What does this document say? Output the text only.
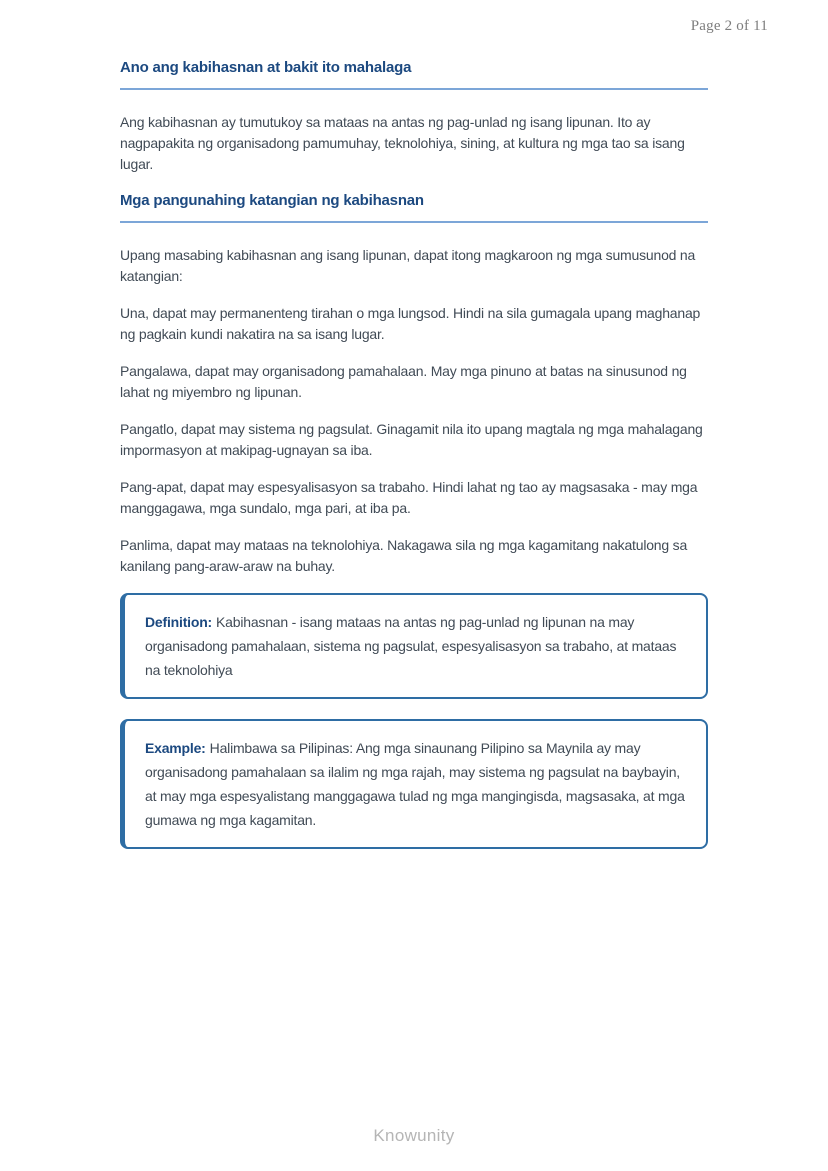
Page 2 of 11
Ano ang kabihasnan at bakit ito mahalaga

Ang kabihasnan ay tumutukoy sa mataas na antas ng pag-unlad ng isang lipunan. Ito ay nagpapakita ng organisadong pamumuhay, teknolohiya, sining, at kultura ng mga tao sa isang lugar.

Mga pangunahing katangian ng kabihasnan

Upang masabing kabihasnan ang isang lipunan, dapat itong magkaroon ng mga sumusunod na katangian:

Una, dapat may permanenteng tirahan o mga lungsod. Hindi na sila gumagala upang maghanap ng pagkain kundi nakatira na sa isang lugar.

Pangalawa, dapat may organisadong pamahalaan. May mga pinuno at batas na sinusunod ng lahat ng miyembro ng lipunan.

Pangatlo, dapat may sistema ng pagsulat. Ginagamit nila ito upang magtala ng mga mahalagang impormasyon at makipag-ugnayan sa iba.

Pang-apat, dapat may espesyalisasyon sa trabaho. Hindi lahat ng tao ay magsasaka - may mga manggagawa, mga sundalo, mga pari, at iba pa.

Panlima, dapat may mataas na teknolohiya. Nakagawa sila ng mga kagamitang nakatulong sa kanilang pang-araw-araw na buhay.

Definition: Kabihasnan - isang mataas na antas ng pag-unlad ng lipunan na may organisadong pamahalaan, sistema ng pagsulat, espesyalisasyon sa trabaho, at mataas na teknolohiya

Example: Halimbawa sa Pilipinas: Ang mga sinaunang Pilipino sa Maynila ay may organisadong pamahalaan sa ilalim ng mga rajah, may sistema ng pagsulat na baybayin, at may mga espesyalistang manggagawa tulad ng mga mangingisda, magsasaka, at mga gumawa ng mga kagamitan.

Knowunity
